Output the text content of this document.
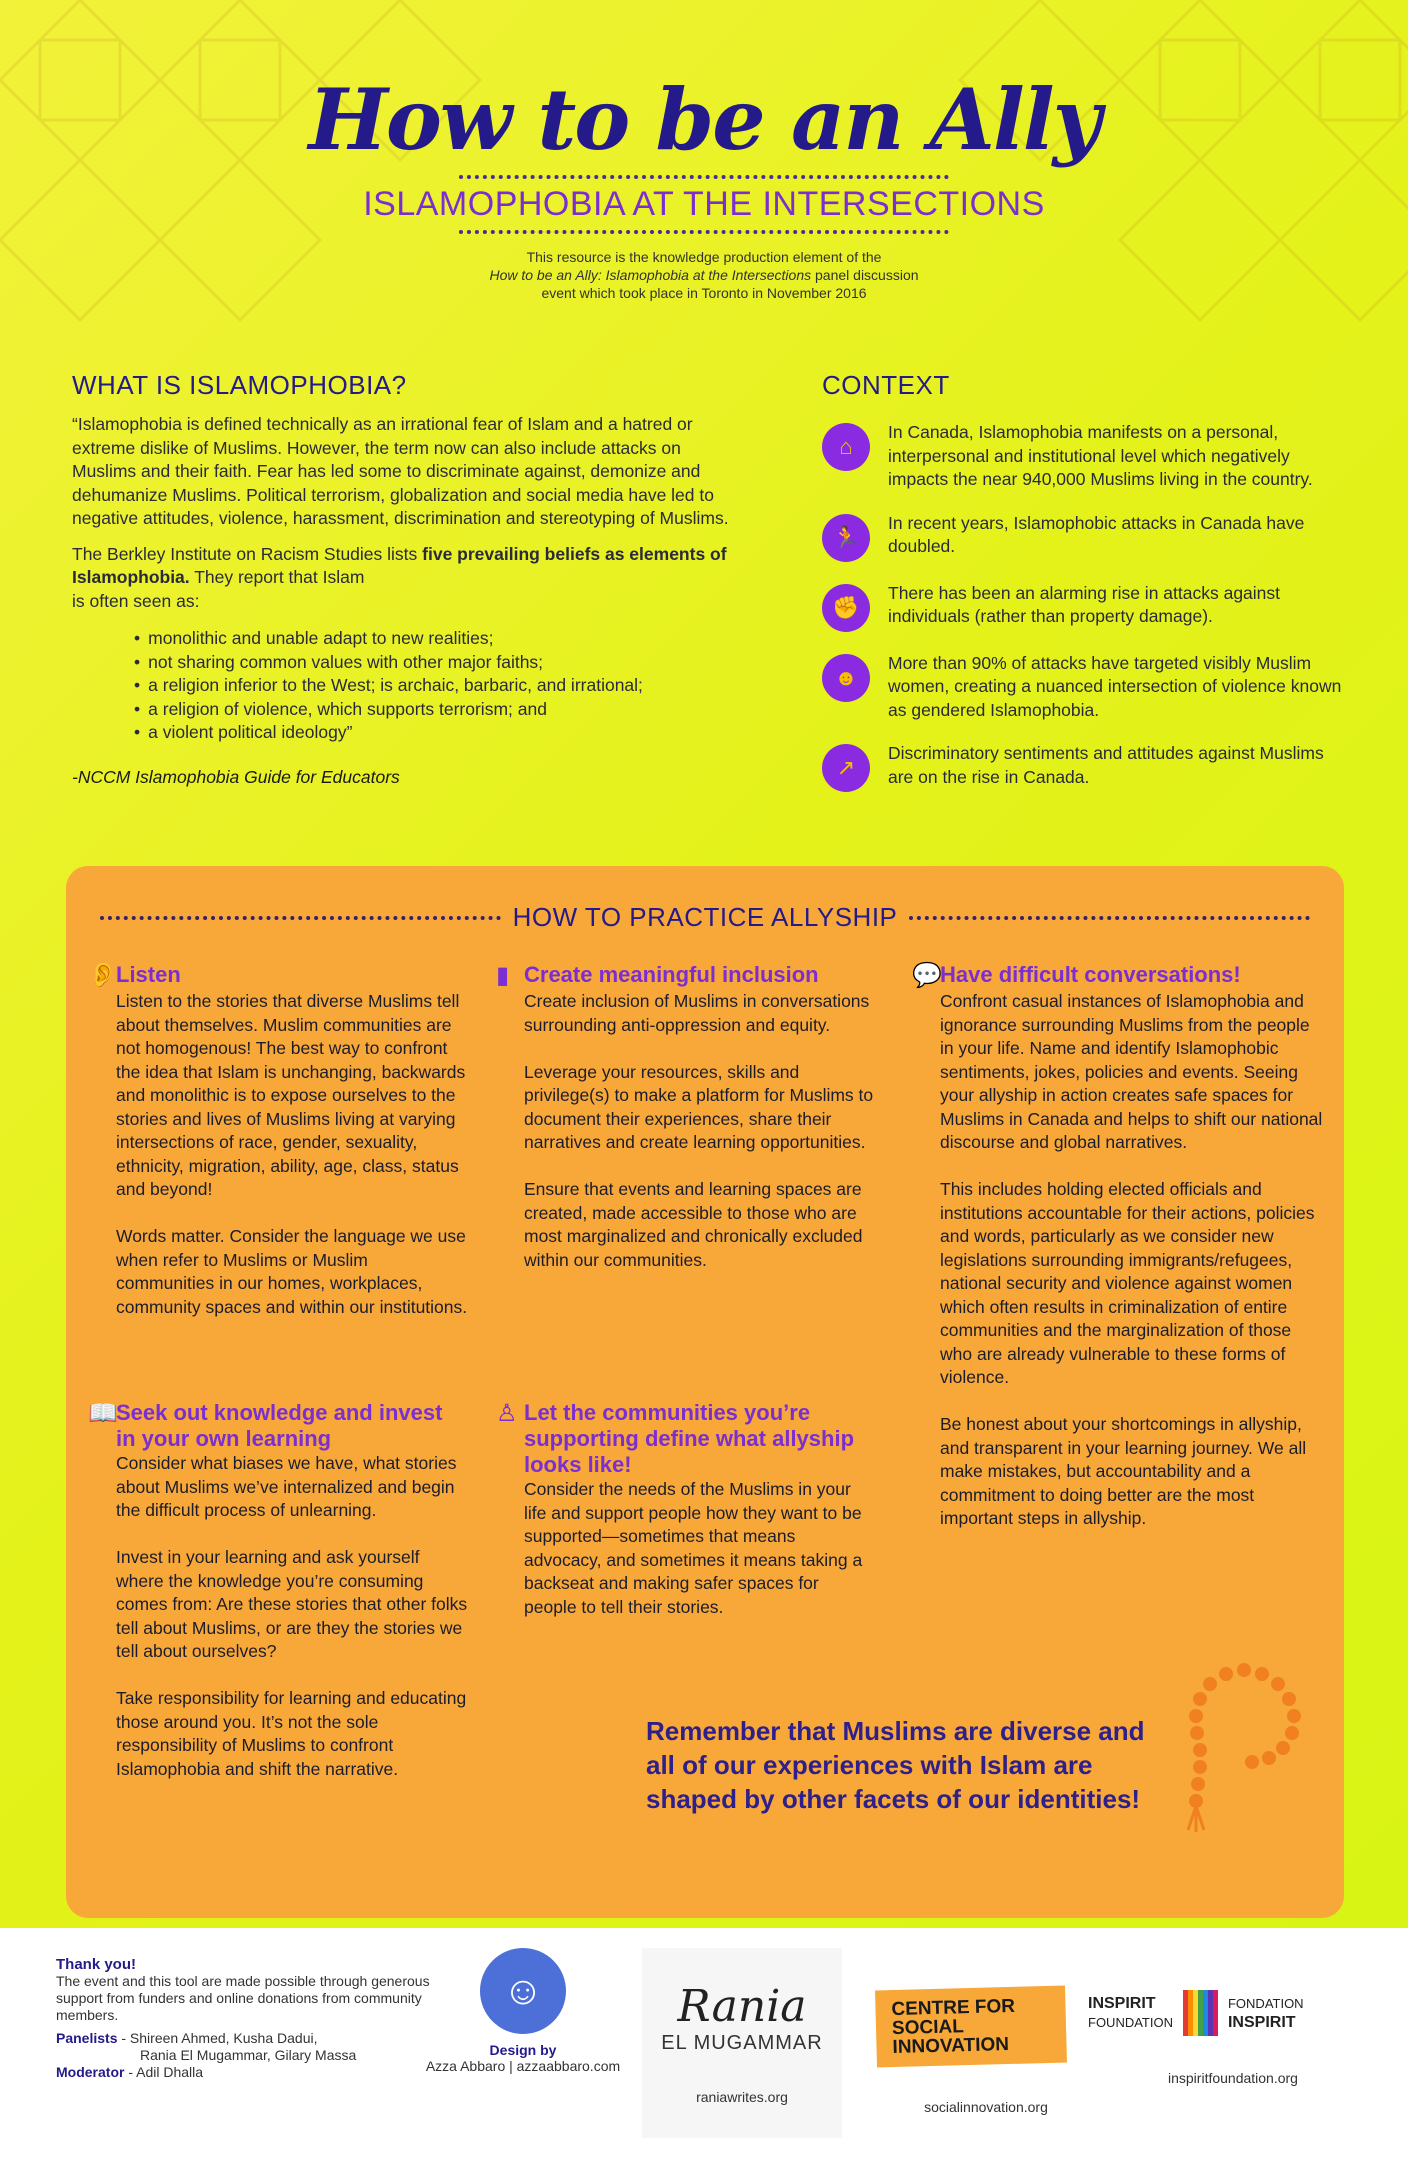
How to be an Ally
ISLAMOPHOBIA AT THE INTERSECTIONS
This resource is the knowledge production element of the
How to be an Ally: Islamophobia at the Intersections panel discussion
event which took place in Toronto in November 2016
WHAT IS ISLAMOPHOBIA?

“Islamophobia is defined technically as an irrational fear of Islam and a hatred or extreme dislike of Muslims. However, the term now can also include attacks on Muslims and their faith. Fear has led some to discriminate against, demonize and dehumanize Muslims. Political terrorism, globalization and social media have led to negative attitudes, violence, harassment, discrimination and stereotyping of Muslims.

The Berkley Institute on Racism Studies lists five prevailing beliefs as elements of Islamophobia. They report that Islam
is often seen as:

• monolithic and unable adapt to new realities;
• not sharing common values with other major faiths;
• a religion inferior to the West; is archaic, barbaric, and irrational;
• a religion of violence, which supports terrorism; and
• a violent political ideology”
-NCCM Islamophobia Guide for Educators
CONTEXT
⌂
In Canada, Islamophobia manifests on a personal, interpersonal and institutional level which negatively impacts the near 940,000 Muslims living in the country.
🏃
In recent years, Islamophobic attacks in Canada have doubled.
✊
There has been an alarming rise in attacks against individuals (rather than property damage).
☻
More than 90% of attacks have targeted visibly Muslim women, creating a nuanced intersection of violence known as gendered Islamophobia.
↗
Discriminatory sentiments and attitudes against Muslims are on the rise in Canada.
HOW TO PRACTICE ALLYSHIP
👂
Listen

Listen to the stories that diverse Muslims tell about themselves. Muslim communities are not homogenous! The best way to confront the idea that Islam is unchanging, backwards and monolithic is to expose ourselves to the stories and lives of Muslims living at varying intersections of race, gender, sexuality, ethnicity, migration, ability, age, class, status and beyond!

Words matter. Consider the language we use when refer to Muslims or Muslim communities in our homes, workplaces, community spaces and within our institutions.

📖
Seek out knowledge and invest in your own learning

Consider what biases we have, what stories about Muslims we’ve internalized and begin the difficult process of unlearning.

Invest in your learning and ask yourself where the knowledge you’re consuming comes from: Are these stories that other folks tell about Muslims, or are they the stories we tell about ourselves?

Take responsibility for learning and educating those around you. It’s not the sole responsibility of Muslims to confront Islamophobia and shift the narrative.

▮ Create meaningful inclusion

Create inclusion of Muslims in conversations surrounding anti-oppression and equity.

Leverage your resources, skills and privilege(s) to make a platform for Muslims to document their experiences, share their narratives and create learning opportunities.

Ensure that events and learning spaces are created, made accessible to those who are most marginalized and chronically excluded within our communities.

♙ Let the communities you’re supporting define what allyship looks like!

Consider the needs of the Muslims in your life and support people how they want to be supported—sometimes that means advocacy, and sometimes it means taking a backseat and making safer spaces for people to tell their stories.

💬
Have difficult conversations!

Confront casual instances of Islamophobia and ignorance surrounding Muslims from the people in your life. Name and identify Islamophobic sentiments, jokes, policies and events. Seeing your allyship in action creates safe spaces for Muslims in Canada and helps to shift our national discourse and global narratives.

This includes holding elected officials and institutions accountable for their actions, policies and words, particularly as we consider new legislations surrounding immigrants/refugees, national security and violence against women which often results in criminalization of entire communities and the marginalization of those who are already vulnerable to these forms of violence.

Be honest about your shortcomings in allyship, and transparent in your learning journey. We all make mistakes, but accountability and a commitment to doing better are the most important steps in allyship.

Remember that Muslims are diverse and all of our experiences with Islam are shaped by other facets of our identities!
Thank you!
The event and this tool are made possible through generous support from funders and online donations from community members.
Panelists - Shireen Ahmed, Kusha Dadui,
Rania El Mugammar, Gilary Massa
Moderator - Adil Dhalla
☺
Design by
Azza Abbaro | azzaabbaro.com
Rania
EL MUGAMMAR
raniawrites.org
CENTRE FOR SOCIAL INNOVATION
socialinnovation.org
INSPIRIT
FOUNDATION
FONDATION
INSPIRIT
inspiritfoundation.org
